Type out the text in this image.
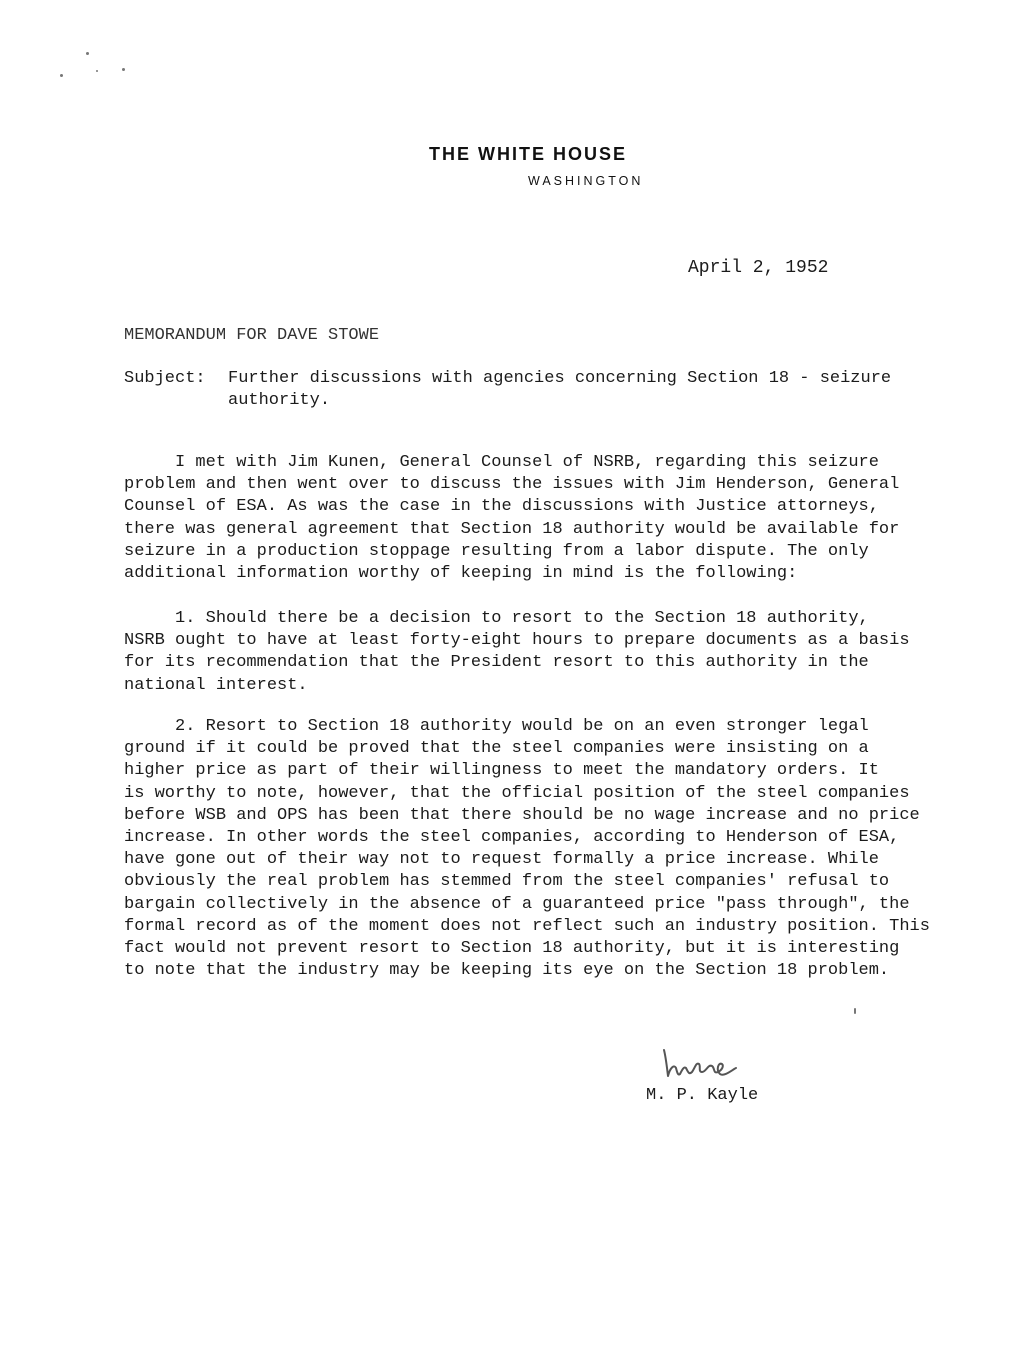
THE WHITE HOUSE
WASHINGTON
April 2, 1952
MEMORANDUM FOR DAVE STOWE
Subject: Further discussions with agencies concerning Section 18 - seizure
authority.
I met with Jim Kunen, General Counsel of NSRB, regarding this seizure
problem and then went over to discuss the issues with Jim Henderson, General
Counsel of ESA. As was the case in the discussions with Justice attorneys,
there was general agreement that Section 18 authority would be available for
seizure in a production stoppage resulting from a labor dispute. The only
additional information worthy of keeping in mind is the following:
1. Should there be a decision to resort to the Section 18 authority,
NSRB ought to have at least forty-eight hours to prepare documents as a basis
for its recommendation that the President resort to this authority in the
national interest.
2. Resort to Section 18 authority would be on an even stronger legal
ground if it could be proved that the steel companies were insisting on a
higher price as part of their willingness to meet the mandatory orders. It
is worthy to note, however, that the official position of the steel companies
before WSB and OPS has been that there should be no wage increase and no price
increase. In other words the steel companies, according to Henderson of ESA,
have gone out of their way not to request formally a price increase. While
obviously the real problem has stemmed from the steel companies' refusal to
bargain collectively in the absence of a guaranteed price "pass through", the
formal record as of the moment does not reflect such an industry position. This
fact would not prevent resort to Section 18 authority, but it is interesting
to note that the industry may be keeping its eye on the Section 18 problem.
M. P. Kayle
